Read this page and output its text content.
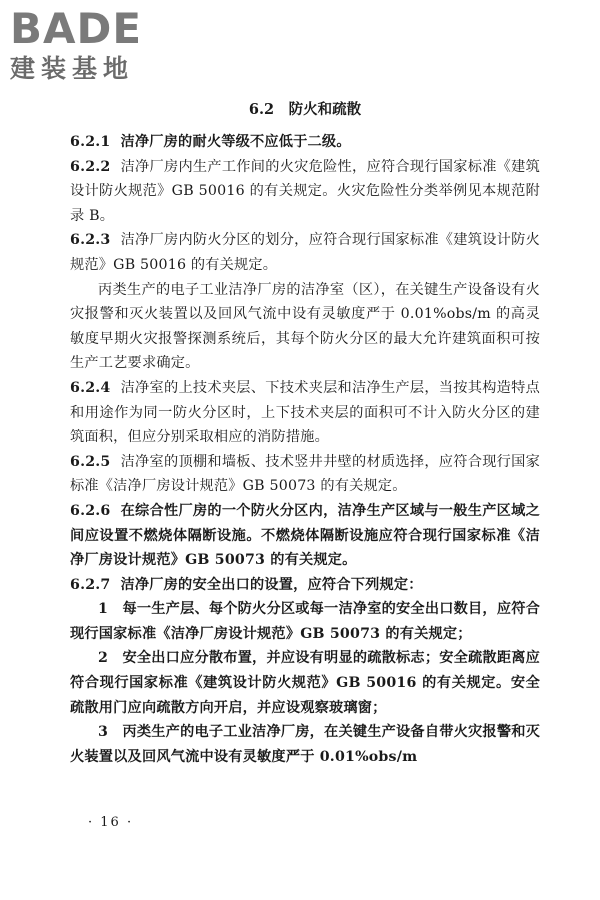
BADE
建装基地
6.2　防火和疏散

6.2.1 洁净厂房的耐火等级不应低于二级。

6.2.2 洁净厂房内生产工作间的火灾危险性，应符合现行国家标准《建筑设计防火规范》GB 50016 的有关规定。火灾危险性分类举例见本规范附录 B。

6.2.3 洁净厂房内防火分区的划分，应符合现行国家标准《建筑设计防火规范》GB 50016 的有关规定。

丙类生产的电子工业洁净厂房的洁净室（区），在关键生产设备设有火灾报警和灭火装置以及回风气流中设有灵敏度严于 0.01%obs/m 的高灵敏度早期火灾报警探测系统后，其每个防火分区的最大允许建筑面积可按生产工艺要求确定。

6.2.4 洁净室的上技术夹层、下技术夹层和洁净生产层，当按其构造特点和用途作为同一防火分区时，上下技术夹层的面积可不计入防火分区的建筑面积，但应分别采取相应的消防措施。

6.2.5 洁净室的顶棚和墙板、技术竖井井壁的材质选择，应符合现行国家标准《洁净厂房设计规范》GB 50073 的有关规定。

6.2.6 在综合性厂房的一个防火分区内，洁净生产区域与一般生产区域之间应设置不燃烧体隔断设施。不燃烧体隔断设施应符合现行国家标准《洁净厂房设计规范》GB 50073 的有关规定。

6.2.7 洁净厂房的安全出口的设置，应符合下列规定：

1　每一生产层、每个防火分区或每一洁净室的安全出口数目，应符合现行国家标准《洁净厂房设计规范》GB 50073 的有关规定；

2　安全出口应分散布置，并应设有明显的疏散标志；安全疏散距离应符合现行国家标准《建筑设计防火规范》GB 50016 的有关规定。安全疏散用门应向疏散方向开启，并应设观察玻璃窗；

3　丙类生产的电子工业洁净厂房，在关键生产设备自带火灾报警和灭火装置以及回风气流中设有灵敏度严于 0.01%obs/m

· 16 ·
